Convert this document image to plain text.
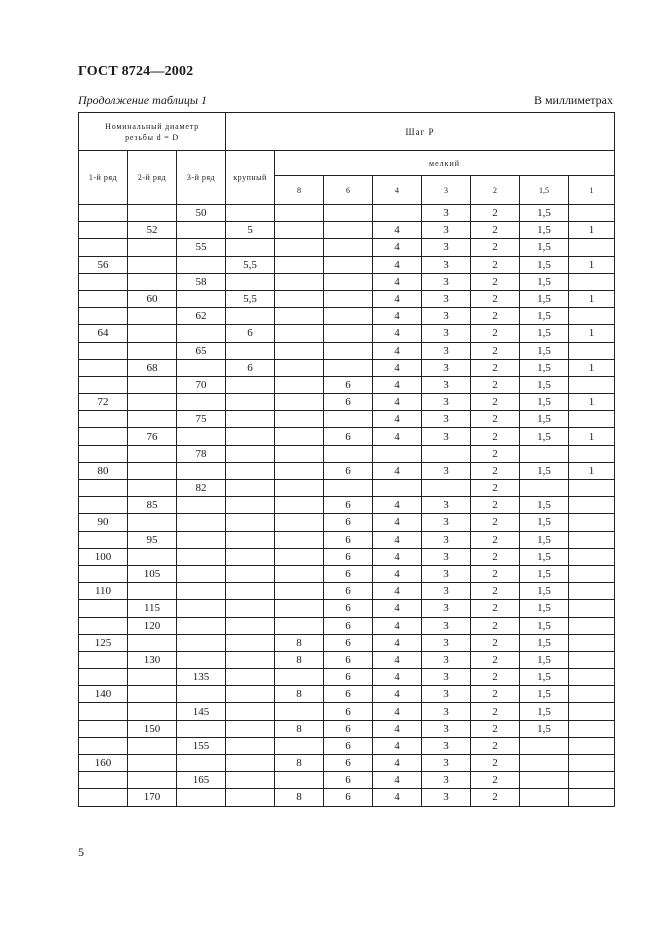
ГОСТ 8724—2002
Продолжение таблицы 1	В миллиметрах
Номинальный диаметр
резьбы d = D			Шаг P							
1-й ряд	2-й ряд	3-й ряд	крупный	мелкий						
				8	6	4	3	2	1,5	1
		50					3	2	1,5	
	52		5			4	3	2	1,5	1
		55				4	3	2	1,5	
56			5,5			4	3	2	1,5	1
		58				4	3	2	1,5	
	60		5,5			4	3	2	1,5	1
		62				4	3	2	1,5	
64			6			4	3	2	1,5	1
		65				4	3	2	1,5	
	68		6			4	3	2	1,5	1
		70			6	4	3	2	1,5	
72					6	4	3	2	1,5	1
		75				4	3	2	1,5	
	76				6	4	3	2	1,5	1
		78						2		
80					6	4	3	2	1,5	1
		82						2		
	85				6	4	3	2	1,5	
90					6	4	3	2	1,5	
	95				6	4	3	2	1,5	
100					6	4	3	2	1,5	
	105				6	4	3	2	1,5	
110					6	4	3	2	1,5	
	115				6	4	3	2	1,5	
	120				6	4	3	2	1,5	
125				8	6	4	3	2	1,5	
	130			8	6	4	3	2	1,5	
		135			6	4	3	2	1,5	
140				8	6	4	3	2	1,5	
		145			6	4	3	2	1,5	
	150			8	6	4	3	2	1,5	
		155			6	4	3	2		
160				8	6	4	3	2		
		165			6	4	3	2		
	170			8	6	4	3	2		
5
